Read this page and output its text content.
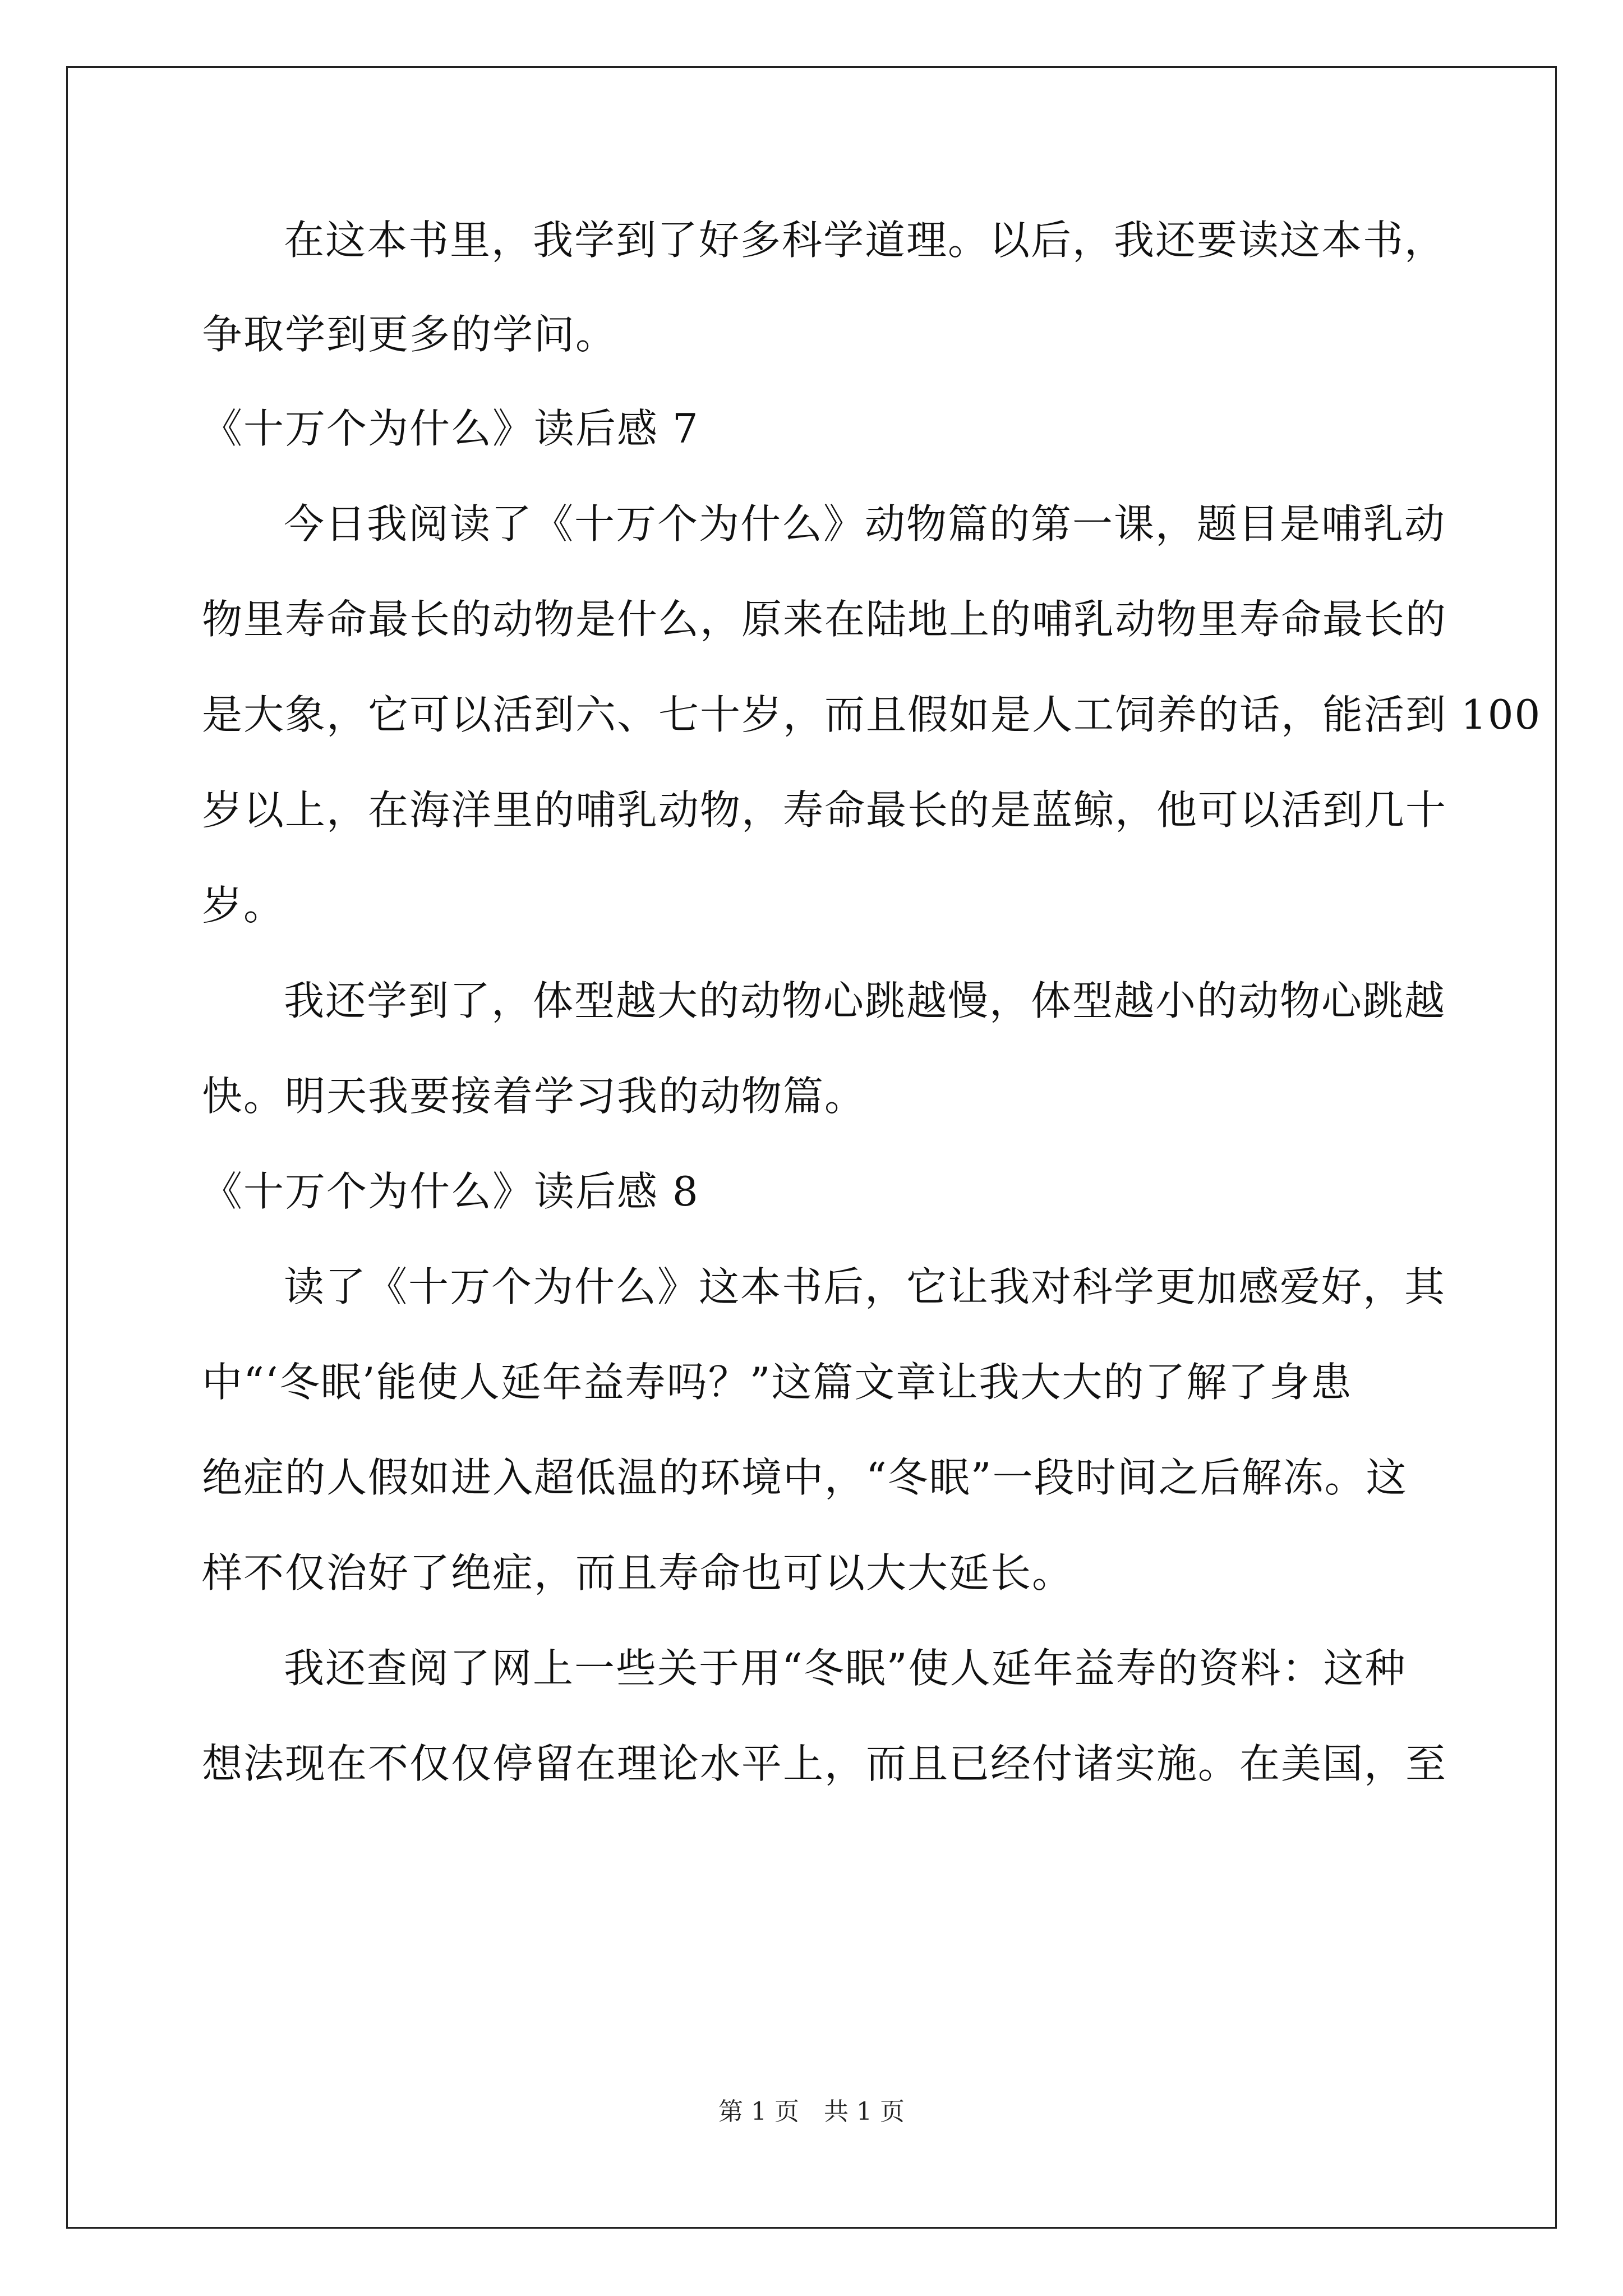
在这本书里，我学到了好多科学道理。以后，我还要读这本书，
争取学到更多的学问。
《十万个为什么》读后感 7
今日我阅读了《十万个为什么》动物篇的第一课，题目是哺乳动
物里寿命最长的动物是什么，原来在陆地上的哺乳动物里寿命最长的
是大象，它可以活到六、七十岁，而且假如是人工饲养的话，能活到 100
岁以上，在海洋里的哺乳动物，寿命最长的是蓝鲸，他可以活到几十
岁。
我还学到了，体型越大的动物心跳越慢，体型越小的动物心跳越
快。明天我要接着学习我的动物篇。
《十万个为什么》读后感 8
读了《十万个为什么》这本书后，它让我对科学更加感爱好，其
中“‘冬眠’能使人延年益寿吗？”这篇文章让我大大的了解了身患
绝症的人假如进入超低温的环境中，“冬眠”一段时间之后解冻。这
样不仅治好了绝症，而且寿命也可以大大延长。
我还查阅了网上一些关于用“冬眠”使人延年益寿的资料：这种
想法现在不仅仅停留在理论水平上，而且已经付诸实施。在美国，至
第 1 页　共 1 页
